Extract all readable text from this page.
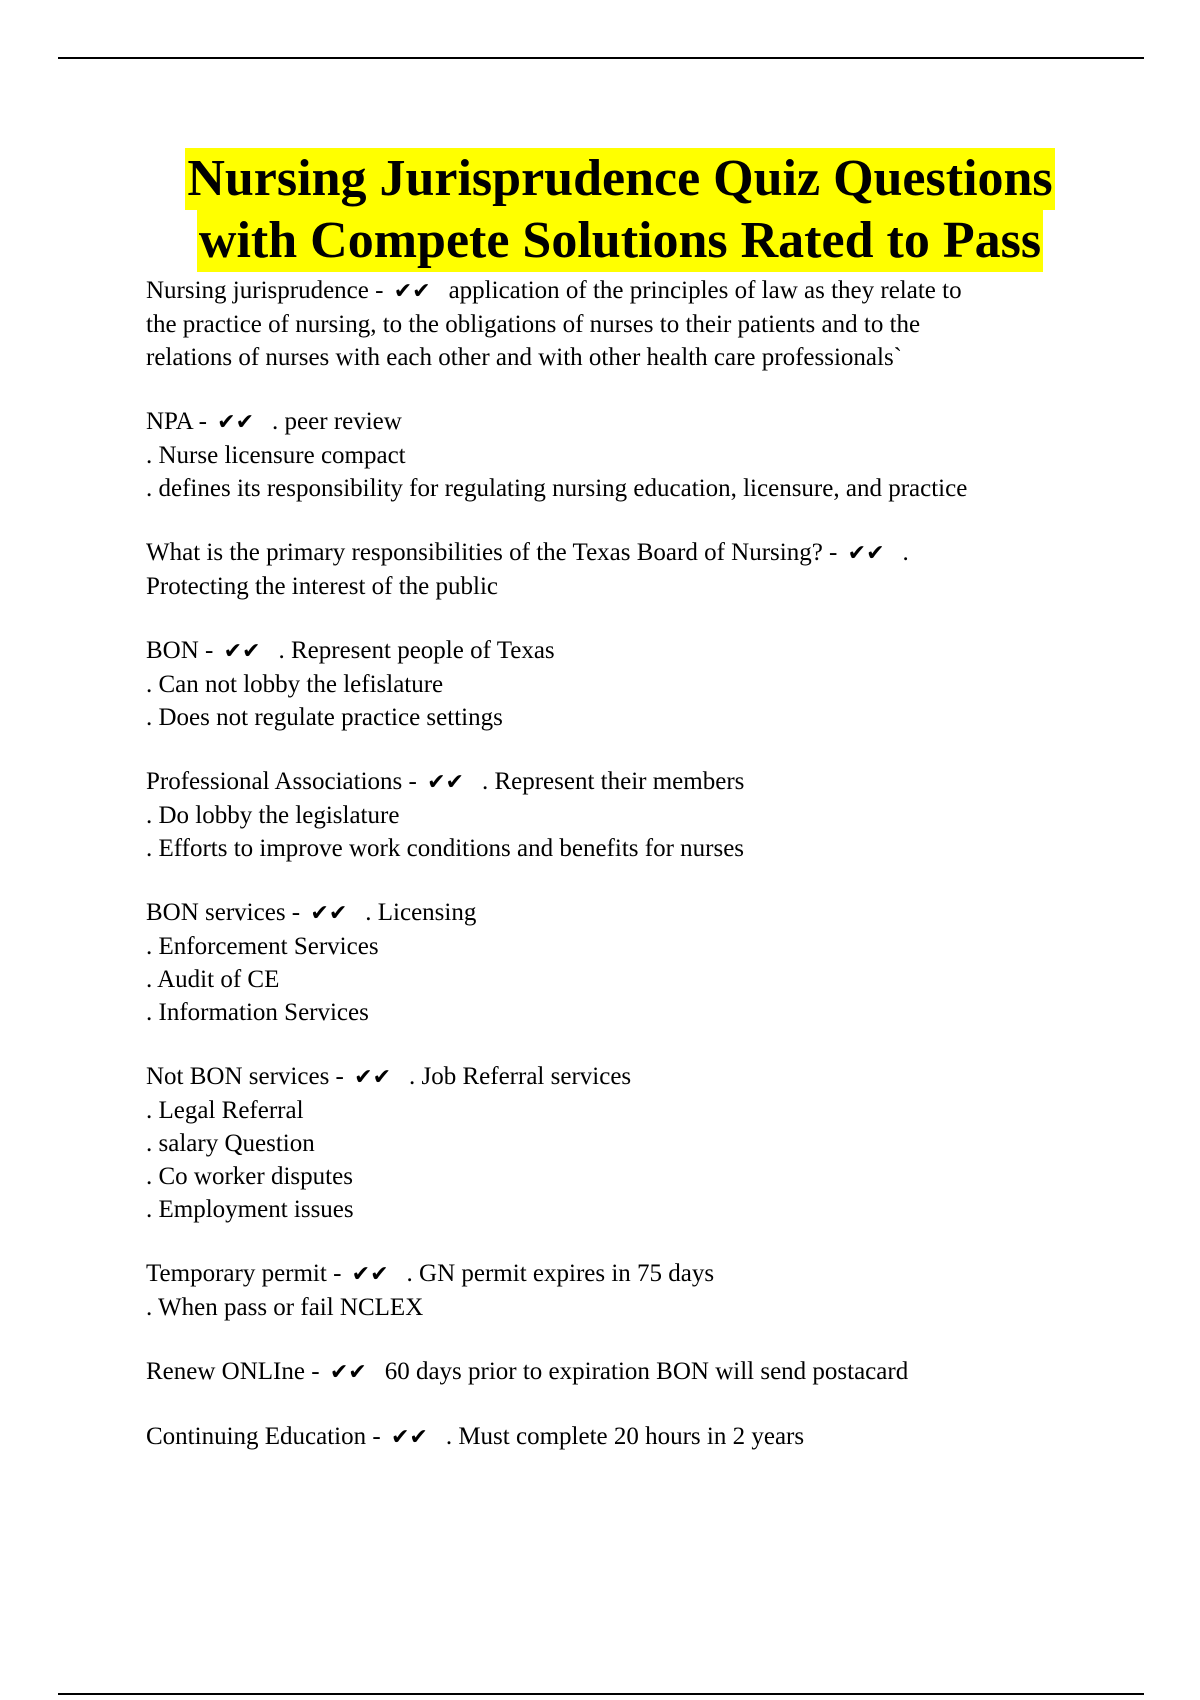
Nursing Jurisprudence Quiz Questions
with Compete Solutions Rated to Pass
Nursing jurisprudence - ✔✔ application of the principles of law as they relate to
the practice of nursing, to the obligations of nurses to their patients and to the
relations of nurses with each other and with other health care professionals`
NPA - ✔✔ . peer review
. Nurse licensure compact
. defines its responsibility for regulating nursing education, licensure, and practice
What is the primary responsibilities of the Texas Board of Nursing? - ✔✔ .
Protecting the interest of the public
BON - ✔✔ . Represent people of Texas
. Can not lobby the lefislature
. Does not regulate practice settings
Professional Associations - ✔✔ . Represent their members
. Do lobby the legislature
. Efforts to improve work conditions and benefits for nurses
BON services - ✔✔ . Licensing
. Enforcement Services
. Audit of CE
. Information Services
Not BON services - ✔✔ . Job Referral services
. Legal Referral
. salary Question
. Co worker disputes
. Employment issues
Temporary permit - ✔✔ . GN permit expires in 75 days
. When pass or fail NCLEX
Renew ONLIne - ✔✔ 60 days prior to expiration BON will send postacard
Continuing Education - ✔✔ . Must complete 20 hours in 2 years
